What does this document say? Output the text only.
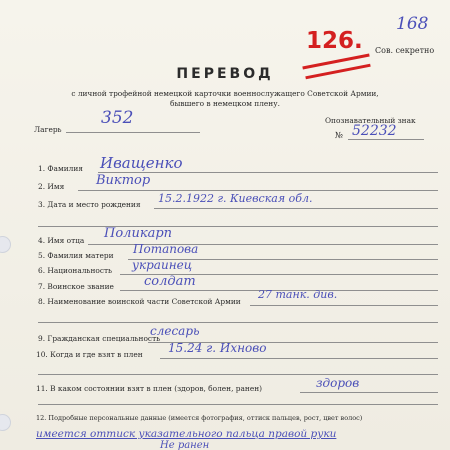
168
126. Сов. секретно
ПЕРЕВОД
с личной трофейной немецкой карточки военнослужащего Советской Армии,
бывшего в немецком плену.
Лагерь
352	Опознавательный знак
№ 52232
1. Фамилия Иващенко
2. Имя Виктор
3. Дата и место рождения 15.2.1922 г. Киевская обл.
4. Имя отца Поликарп
5. Фамилия матери Потапова
6. Национальность украинец
7. Воинское звание солдат
8. Наименование воинской части Советской Армии
27 танк. див.
9. Гражданская специальность
слесарь
10. Когда и где взят в плен 15.24 г. Ихновo
11. В каком состоянии взят в плен (здоров, болен, ранен)	здоров
12. Подробные персональные данные (имеется фотография, оттиск пальцев, рост, цвет волос)
имеется оттиск указательного пальца правой руки
Не ранен
